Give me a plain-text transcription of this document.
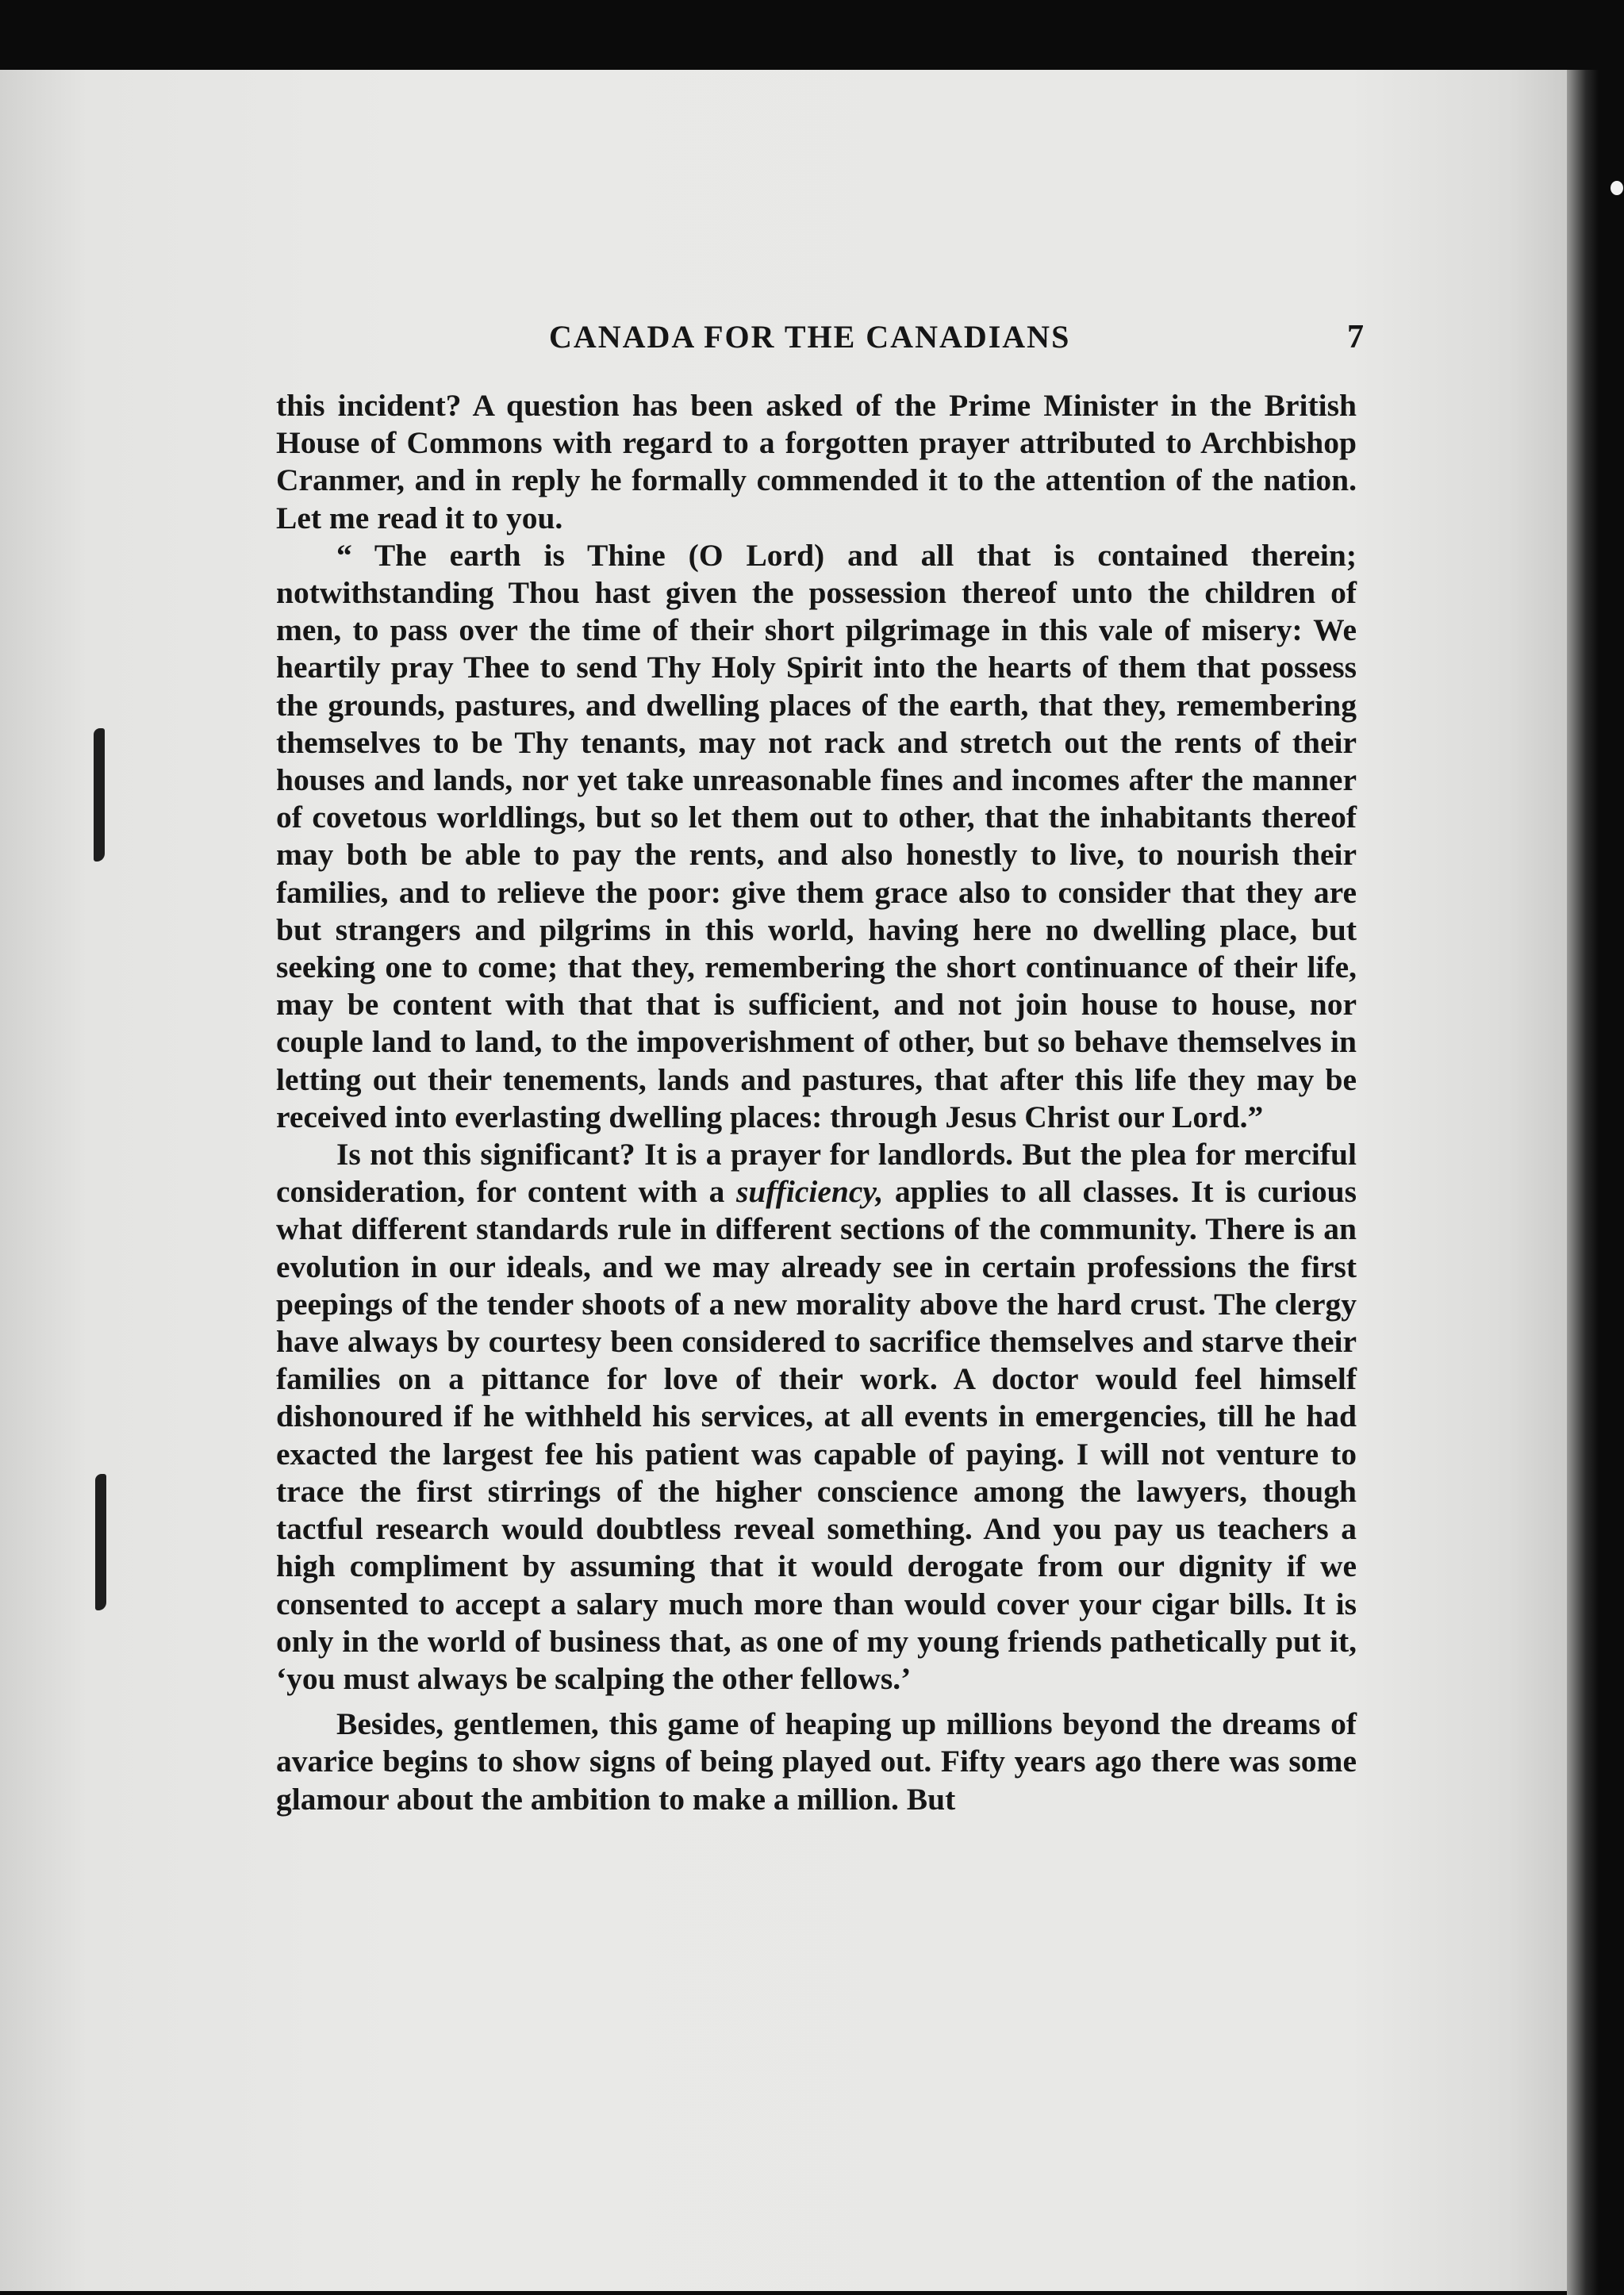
CANADA FOR THE CANADIANS	7

this incident? A question has been asked of the Prime Minister in the British House of Commons with regard to a forgotten prayer attributed to Archbishop Cranmer, and in reply he formally commended it to the attention of the nation. Let me read it to you.

“ The earth is Thine (O Lord) and all that is contained therein; notwithstanding Thou hast given the possession thereof unto the children of men, to pass over the time of their short pilgrimage in this vale of misery: We heartily pray Thee to send Thy Holy Spirit into the hearts of them that possess the grounds, pastures, and dwelling places of the earth, that they, remembering themselves to be Thy tenants, may not rack and stretch out the rents of their houses and lands, nor yet take unreasonable fines and incomes after the manner of covetous worldlings, but so let them out to other, that the inhabitants thereof may both be able to pay the rents, and also honestly to live, to nourish their families, and to relieve the poor: give them grace also to consider that they are but strangers and pilgrims in this world, having here no dwelling place, but seeking one to come; that they, remembering the short continuance of their life, may be content with that that is sufficient, and not join house to house, nor couple land to land, to the impoverishment of other, but so behave themselves in letting out their tenements, lands and pastures, that after this life they may be received into everlasting dwelling places: through Jesus Christ our Lord.”

Is not this significant? It is a prayer for landlords. But the plea for merciful consideration, for content with a sufficiency, applies to all classes. It is curious what different standards rule in different sections of the community. There is an evolution in our ideals, and we may already see in certain professions the first peepings of the tender shoots of a new morality above the hard crust. The clergy have always by courtesy been considered to sacrifice themselves and starve their families on a pittance for love of their work. A doctor would feel himself dishonoured if he withheld his services, at all events in emergencies, till he had exacted the largest fee his patient was capable of paying. I will not venture to trace the first stirrings of the higher conscience among the lawyers, though tactful research would doubtless reveal something. And you pay us teachers a high compliment by assuming that it would derogate from our dignity if we consented to accept a salary much more than would cover your cigar bills. It is only in the world of business that, as one of my young friends pathetically put it, ‘you must always be scalping the other fellows.’

Besides, gentlemen, this game of heaping up millions beyond the dreams of avarice begins to show signs of being played out. Fifty years ago there was some glamour about the ambition to make a million. But
